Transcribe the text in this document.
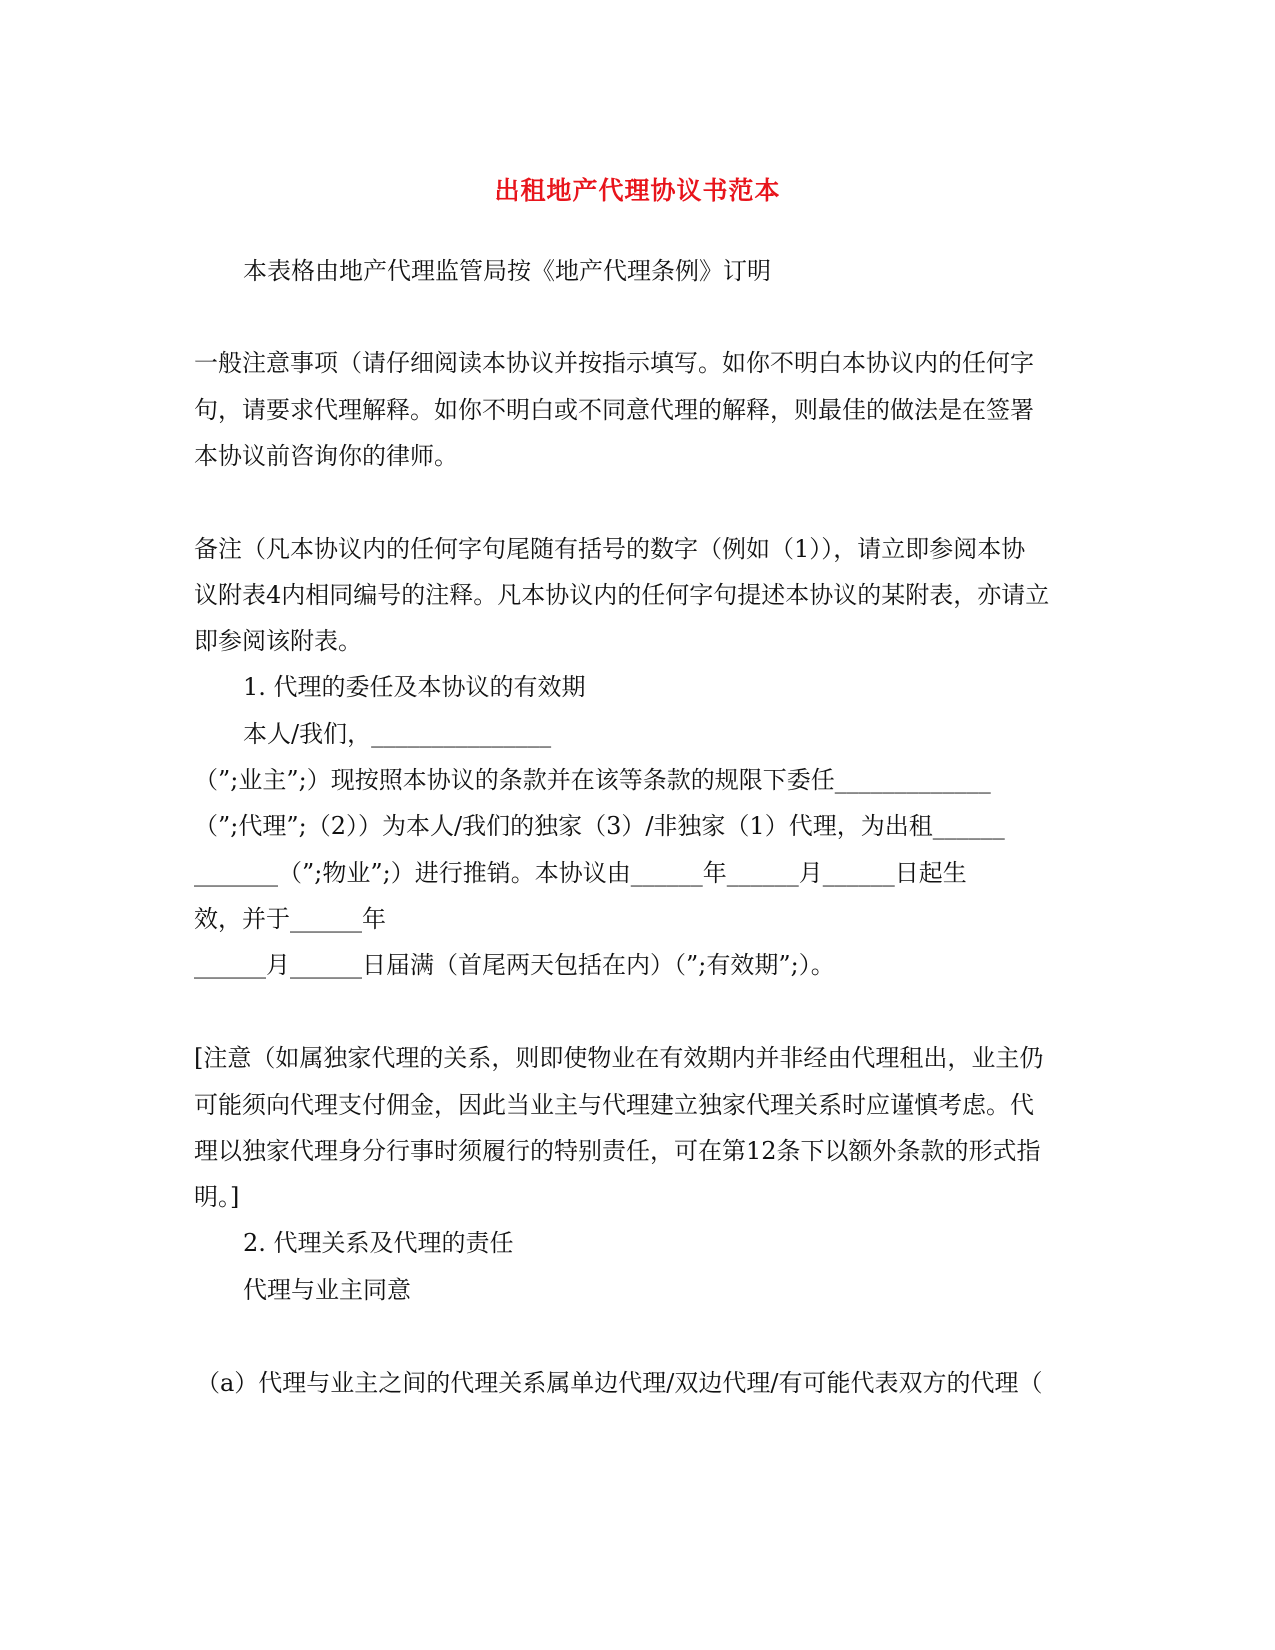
出租地产代理协议书范本
本表格由地产代理监管局按《地产代理条例》订明
一般注意事项（请仔细阅读本协议并按指示填写。如你不明白本协议内的任何字
句，请要求代理解释。如你不明白或不同意代理的解释，则最佳的做法是在签署
本协议前咨询你的律师。
备注（凡本协议内的任何字句尾随有括号的数字（例如（1）），请立即参阅本协
议附表4内相同编号的注释。凡本协议内的任何字句提述本协议的某附表，亦请立
即参阅该附表。
1. 代理的委任及本协议的有效期
本人/我们，_______________
（”;业主”;）现按照本协议的条款并在该等条款的规限下委任_____________
（”;代理”;（2））为本人/我们的独家（3）/非独家（1）代理，为出租______
_______（”;物业”;）进行推销。本协议由______年______月______日起生
效，并于______年
______月______日届满（首尾两天包括在内）（”;有效期”;）。
[注意（如属独家代理的关系，则即使物业在有效期内并非经由代理租出，业主仍
可能须向代理支付佣金，因此当业主与代理建立独家代理关系时应谨慎考虑。代
理以独家代理身分行事时须履行的特别责任，可在第12条下以额外条款的形式指
明。]
2. 代理关系及代理的责任
代理与业主同意
（a）代理与业主之间的代理关系属单边代理/双边代理/有可能代表双方的代理（
